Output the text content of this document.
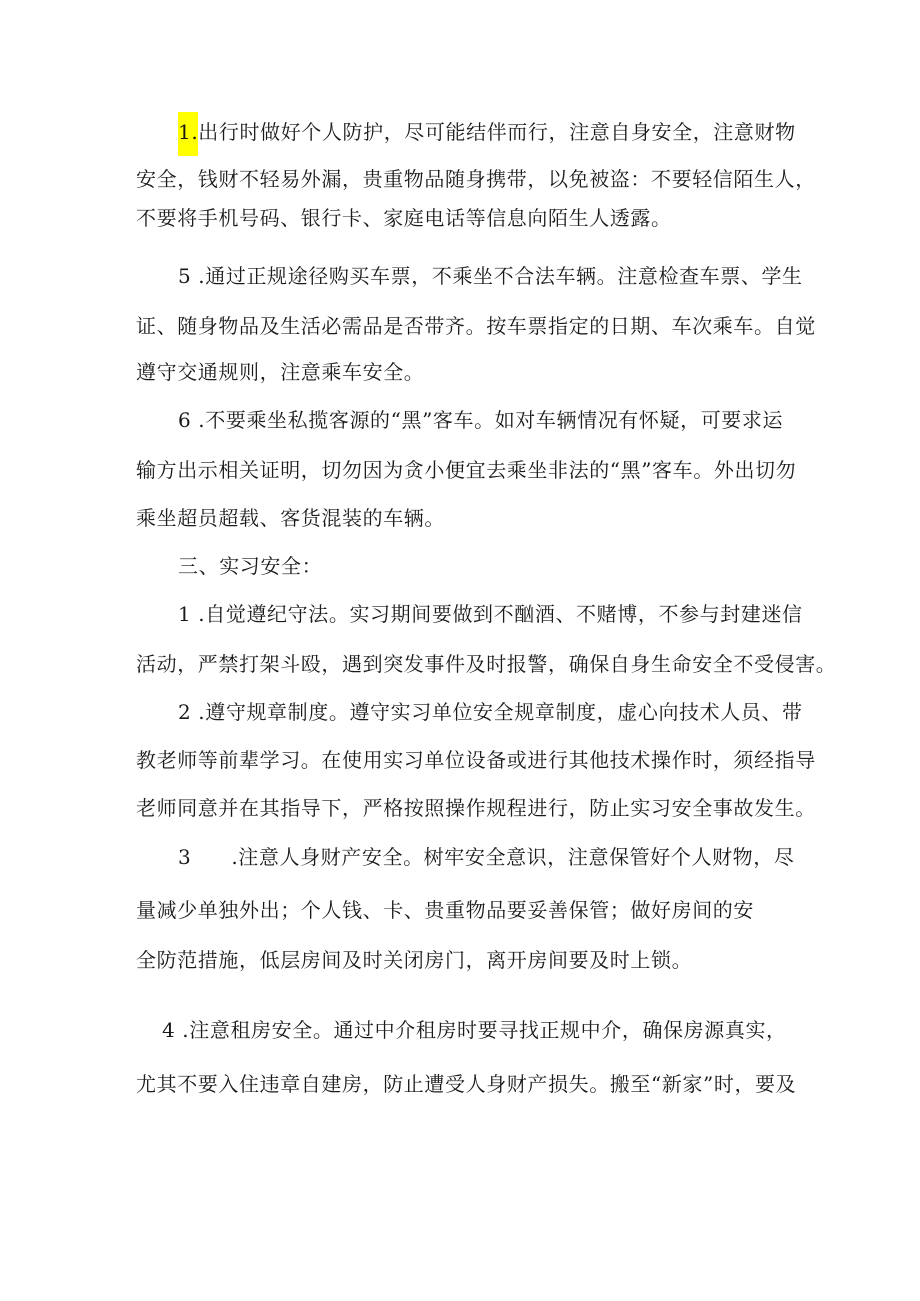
1.出行时做好个人防护，尽可能结伴而行，注意自身安全，注意财物
安全，钱财不轻易外漏，贵重物品随身携带，以免被盗：不要轻信陌生人，
不要将手机号码、银行卡、家庭电话等信息向陌生人透露。
5 .通过正规途径购买车票，不乘坐不合法车辆。注意检查车票、学生
证、随身物品及生活必需品是否带齐。按车票指定的日期、车次乘车。自觉
遵守交通规则，注意乘车安全。
6 .不要乘坐私揽客源的“黑”客车。如对车辆情况有怀疑，可要求运
输方出示相关证明，切勿因为贪小便宜去乘坐非法的“黑”客车。外出切勿
乘坐超员超载、客货混装的车辆。
三、实习安全：
1 .自觉遵纪守法。实习期间要做到不酗酒、不赌博，不参与封建迷信
活动，严禁打架斗殴，遇到突发事件及时报警，确保自身生命安全不受侵害。
2 .遵守规章制度。遵守实习单位安全规章制度，虚心向技术人员、带
教老师等前辈学习。在使用实习单位设备或进行其他技术操作时，须经指导
老师同意并在其指导下，严格按照操作规程进行，防止实习安全事故发生。
3 .注意人身财产安全。树牢安全意识，注意保管好个人财物，尽
量减少单独外出；个人钱、卡、贵重物品要妥善保管；做好房间的安
全防范措施，低层房间及时关闭房门，离开房间要及时上锁。
4 .注意租房安全。通过中介租房时要寻找正规中介，确保房源真实，
尤其不要入住违章自建房，防止遭受人身财产损失。搬至“新家”时，要及
